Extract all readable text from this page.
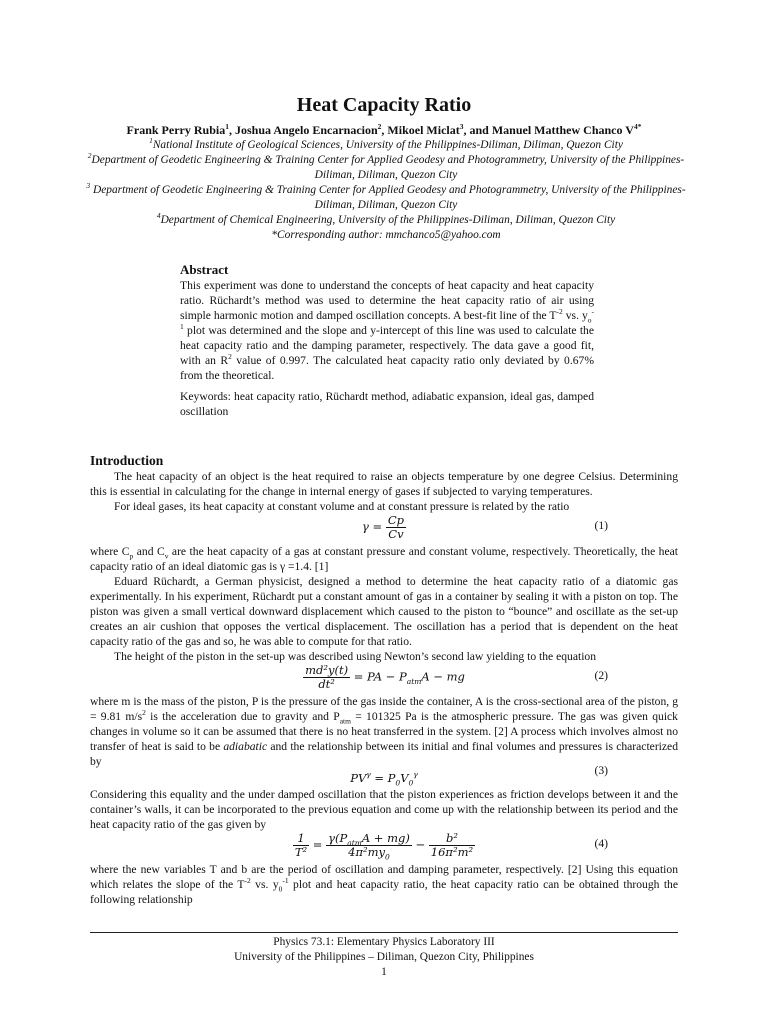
Heat Capacity Ratio
Frank Perry Rubia$^1$, Joshua Angelo Encarnacion$^2$, Mikoel Miclat$^3$, and Manuel Matthew Chanco $V^{4*}$

$^1$National Institute of Geological Sciences, University of the Philippines-Diliman, Diliman, Quezon City

$^2$Department of Geodetic Engineering & Training Center for Applied Geodesy and Photogrammetry, University of the Philippines-Diliman, Diliman, Quezon City

$^3$ Department of Geodetic Engineering & Training Center for Applied Geodesy and Photogrammetry, University of the Philippines-Diliman, Diliman, Quezon City

$^4$Department of Chemical Engineering, University of the Philippines-Diliman, Diliman, Quezon City

*Corresponding author: mmchanco5@yahoo.com

Abstract

This experiment was done to understand the concepts of heat capacity and heat capacity ratio. Rüchardt’s method was used to determine the heat capacity ratio of air using simple harmonic motion and damped oscillation concepts. A best-fit line of the $T^{-2}$ vs. $y_o^{-1}$ plot was determined and the slope and y-intercept of this line was used to calculate the heat capacity ratio and the damping parameter, respectively. The data gave a good fit, with an $R^2$ value of 0.997. The calculated heat capacity ratio only deviated by 0.67% from the theoretical.

Keywords: heat capacity ratio, Rüchardt method, adiabatic expansion, ideal gas, damped oscillation

Introduction

The heat capacity of an object is the heat required to raise an objects temperature by one degree Celsius. Determining this is essential in calculating for the change in internal energy of gases if subjected to varying temperatures.

For ideal gases, its heat capacity at constant volume and at constant pressure is related by the ratio

$\gamma = \frac{Cp}{Cv}$	(1)

where $C_p$ and $C_v$ are the heat capacity of a gas at constant pressure and constant volume, respectively. Theoretically, the heat capacity ratio of an ideal diatomic gas is γ =1.4. [1]

Eduard Rüchardt, a German physicist, designed a method to determine the heat capacity ratio of a diatomic gas experimentally. In his experiment, Rüchardt put a constant amount of gas in a container by sealing it with a piston on top. The piston was given a small vertical downward displacement which caused to the piston to “bounce” and oscillate as the set-up creates an air cushion that opposes the vertical displacement. The oscillation has a period that is dependent on the heat capacity ratio of the gas and so, he was able to compute for that ratio.

The height of the piston in the set-up was described using Newton’s second law yielding to the equation

$\frac{\text{md²y(t)}}{\text{dt²}}$ = PA − $P_{atm}A$ − mg	(2)

where m is the mass of the piston, P is the pressure of the gas inside the container, A is the cross-sectional area of the piston, g = 9.81 $m/s^2$ is the acceleration due to gravity and $P_{atm} = 101325$ Pa is the atmospheric pressure. The gas was given quick changes in volume so it can be assumed that there is no heat transferred in the system. [2] A process which involves almost no transfer of heat is said to be adiabatic and the relationship between its initial and final volumes and pressures is characterized by

$PV^\gamma = P_0V_0^\gamma$	(3)

Considering this equality and the under damped oscillation that the piston experiences as friction develops between it and the container’s walls, it can be incorporated to the previous equation and come up with the relationship between its period and the heat capacity ratio of the gas given by

$\frac{1}{\text{T²}} = \frac{\gamma(P_{atm}A + mg)}{4\pi^2my_0} - \frac{\text{b²}}{\text{16π²m²}}$	(4)

where the new variables T and b are the period of oscillation and damping parameter, respectively. [2] Using this equation which relates the slope of the $T^{-2}$ vs. $y_0^{-1}$ plot and heat capacity ratio, the heat capacity ratio can be obtained through the following relationship

Physics 73.1: Elementary Physics Laboratory III
University of the Philippines – Diliman, Quezon City, Philippines
1
